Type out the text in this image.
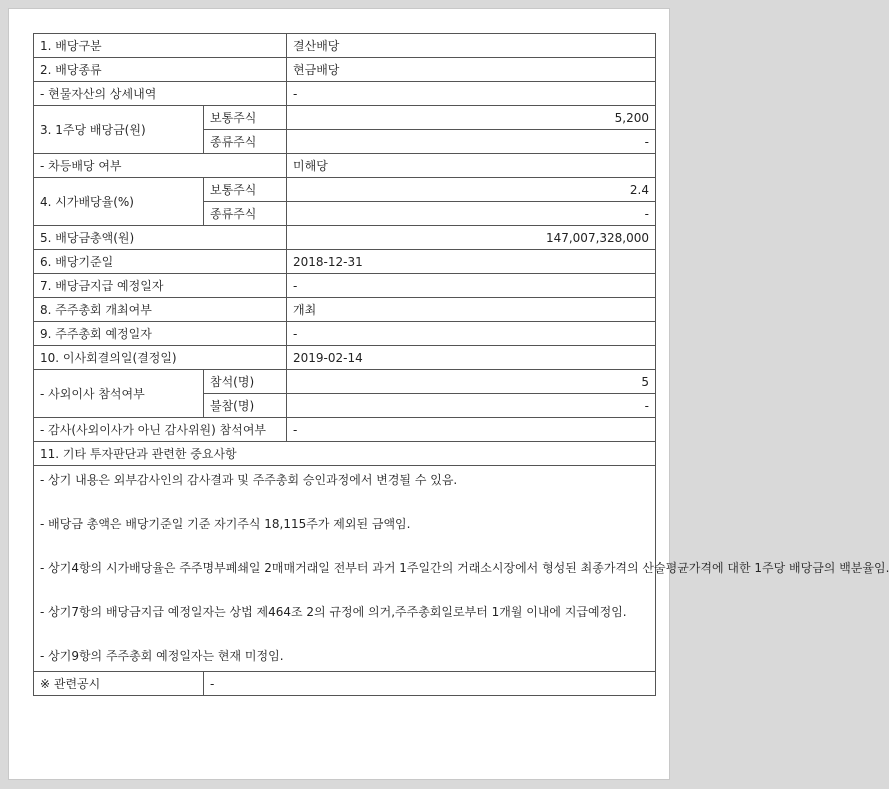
1. 배당구분		결산배당
2. 배당종류		현금배당
- 현물자산의 상세내역		-
3. 1주당 배당금(원)	보통주식	5,200
	종류주식	-
- 차등배당 여부		미해당
4. 시가배당율(%)	보통주식	2.4
	종류주식	-
5. 배당금총액(원)		147,007,328,000
6. 배당기준일		2018-12-31
7. 배당금지급 예정일자		-
8. 주주총회 개최여부		개최
9. 주주총회 예정일자		-
10. 이사회결의일(결정일)		2019-02-14
- 사외이사 참석여부	참석(명)	5
	불참(명)	-
- 감사(사외이사가 아닌 감사위원) 참석여부		-
11. 기타 투자판단과 관련한 중요사항		

- 상기 내용은 외부감사인의 감사결과 및 주주총회 승인과정에서 변경될 수 있음.
- 배당금 총액은 배당기준일 기준 자기주식 18,115주가 제외된 금액임.
- 상기4항의 시가배당율은 주주명부폐쇄일 2매매거래일 전부터 과거 1주일간의 거래소시장에서 형성된 최종가격의 산술평균가격에 대한 1주당 배당금의 백분율임.
- 상기7항의 배당금지급 예정일자는 상법 제464조 2의 규정에 의거,주주총회일로부터 1개월 이내에 지급예정임.
- 상기9항의 주주총회 예정일자는 현재 미정임.		

※ 관련공시	-	
